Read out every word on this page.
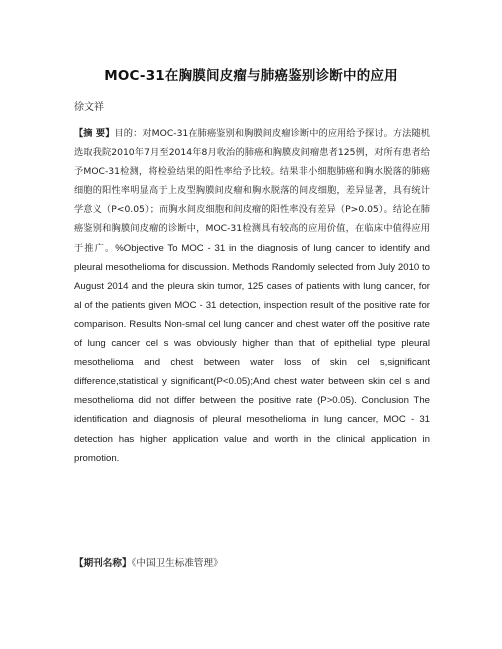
MOC-31在胸膜间皮瘤与肺癌鉴别诊断中的应用
徐文祥
【摘 要】目的：对MOC-31在肺癌鉴别和胸膜间皮瘤诊断中的应用给予探讨。方法随机选取我院2010年7月至2014年8月收治的肺癌和胸膜皮间瘤患者125例，对所有患者给予MOC-31检测，将检验结果的阳性率给予比较。结果非小细胞肺癌和胸水脱落的肺癌细胞的阳性率明显高于上皮型胸膜间皮瘤和胸水脱落的间皮细胞，差异显著，具有统计学意义（P<0.05）；而胸水间皮细胞和间皮瘤的阳性率没有差异（P>0.05）。结论在肺癌鉴别和胸膜间皮瘤的诊断中，MOC-31检测具有较高的应用价值，在临床中值得应用于推广。%Objective To MOC - 31 in the diagnosis of lung cancer to identify and pleural mesothelioma for discussion. Methods Randomly selected from July 2010 to August 2014 and the pleura skin tumor, 125 cases of patients with lung cancer, for al of the patients given MOC - 31 detection, inspection result of the positive rate for comparison. Results Non-smal cel lung cancer and chest water off the positive rate of lung cancer cel s was obviously higher than that of epithelial type pleural mesothelioma and chest between water loss of skin cel s,significant difference,statistical y significant(P<0.05);And chest water between skin cel s and mesothelioma did not differ between the positive rate (P>0.05). Conclusion The identification and diagnosis of pleural mesothelioma in lung cancer, MOC - 31 detection has higher application value and worth in the clinical application in promotion.
【期刊名称】《中国卫生标准管理》
